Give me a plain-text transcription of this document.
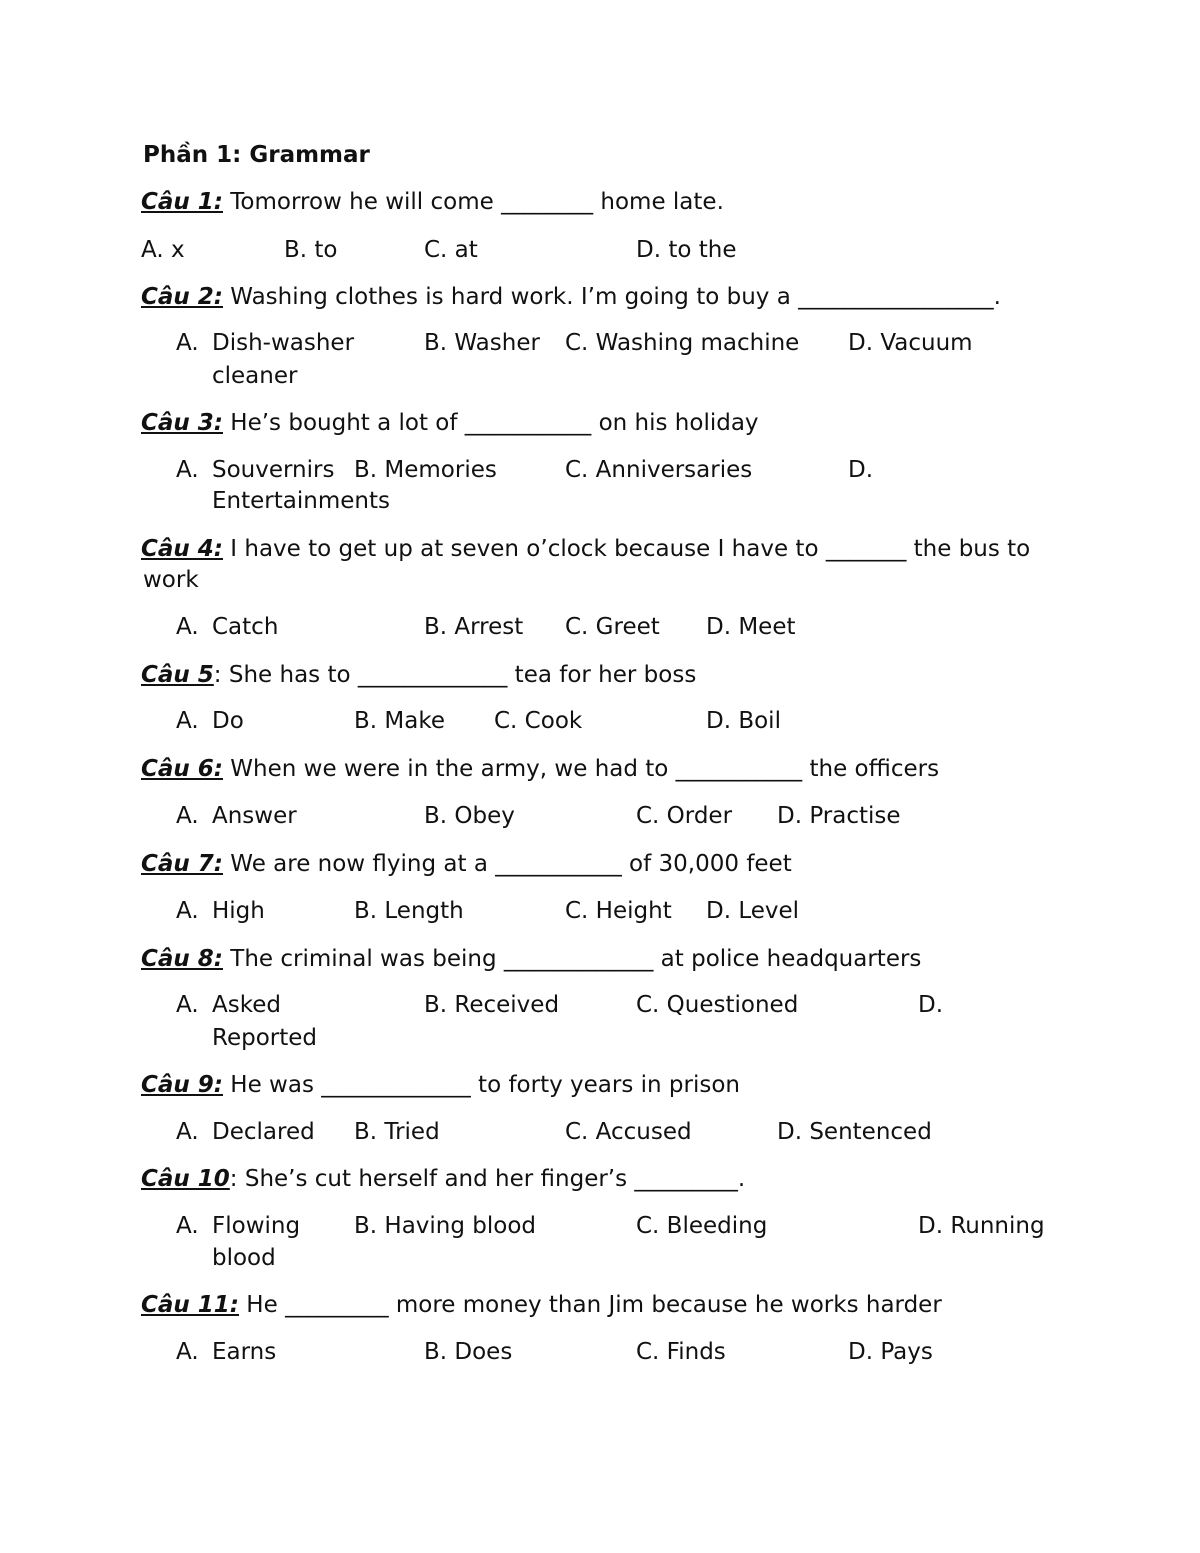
Phần 1: Grammar
Câu 1: Tomorrow he will come ________ home late.
A. x	B. to	C. at	D. to the
Câu 2: Washing clothes is hard work. I’m going to buy a _________________.
A. Dish-washer	B. Washer C. Washing machine D. Vacuum
cleaner
Câu 3: He’s bought a lot of ___________ on his holiday
A. Souvernirs B. Memories	C. Anniversaries	D.
Entertainments
Câu 4: I have to get up at seven o’clock because I have to _______ the bus to
work
A. Catch	B. Arrest C. Greet D. Meet
Câu 5: She has to _____________ tea for her boss
A. Do	B. Make C. Cook	D. Boil
Câu 6: When we were in the army, we had to ___________ the officers
A. Answer	B. Obey	C. Order D. Practise
Câu 7: We are now flying at a ___________ of 30,000 feet
A. High	B. Length	C. Height D. Level
Câu 8: The criminal was being _____________ at police headquarters
A. Asked	B. Received	C. Questioned	D.
Reported
Câu 9: He was _____________ to forty years in prison
A. Declared B. Tried	C. Accused	D. Sentenced
Câu 10: She’s cut herself and her finger’s _________.
A. Flowing B. Having blood	C. Bleeding	D. Running
blood
Câu 11: He _________ more money than Jim because he works harder
A. Earns	B. Does	C. Finds	D. Pays
